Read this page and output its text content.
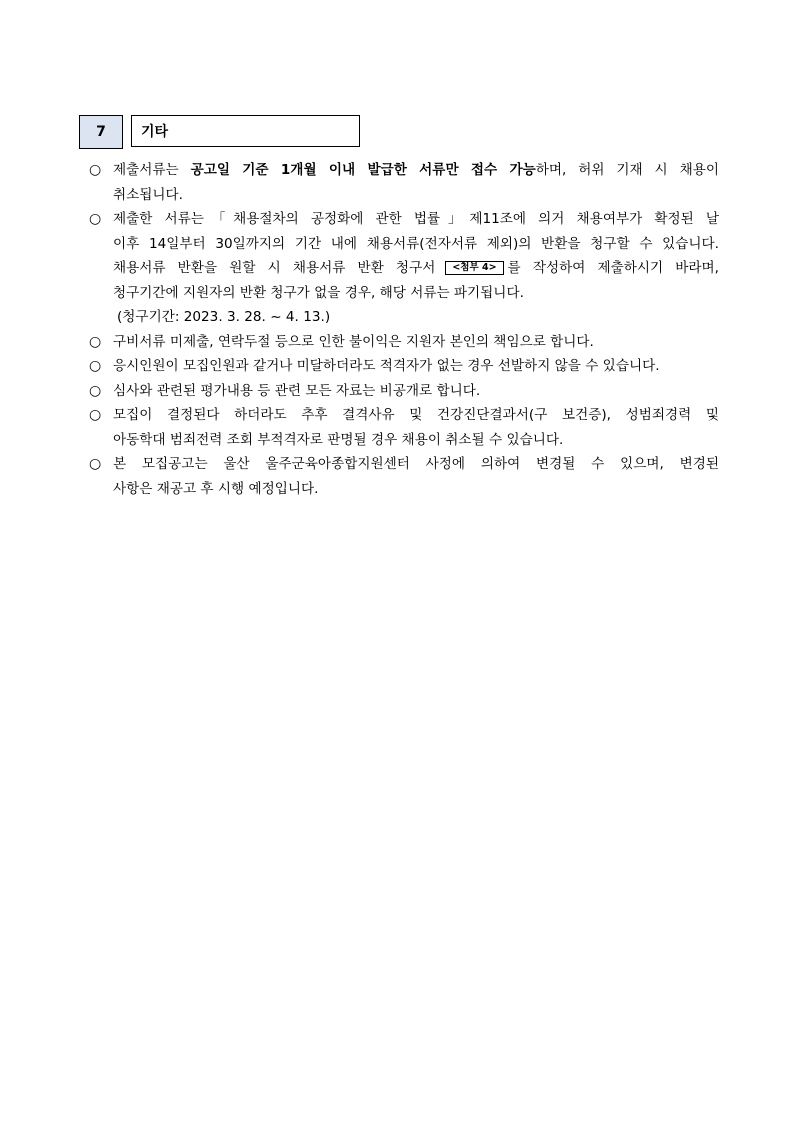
7	기타
○ 제출서류는 공고일 기준 1개월 이내 발급한 서류만 접수 가능하며, 허위 기재 시 채용이
취소됩니다.
○ 제출한 서류는「채용절차의 공정화에 관한 법률」제11조에 의거 채용여부가 확정된 날
이후 14일부터 30일까지의 기간 내에 채용서류(전자서류 제외)의 반환을 청구할 수 있습니다.
채용서류 반환을 원할 시 채용서류 반환 청구서 <첨부 4> 를 작성하여 제출하시기 바라며,
청구기간에 지원자의 반환 청구가 없을 경우, 해당 서류는 파기됩니다.
(청구기간: 2023. 3. 28. ~ 4. 13.)
○ 구비서류 미제출, 연락두절 등으로 인한 불이익은 지원자 본인의 책임으로 합니다.
○ 응시인원이 모집인원과 같거나 미달하더라도 적격자가 없는 경우 선발하지 않을 수 있습니다.
○ 심사와 관련된 평가내용 등 관련 모든 자료는 비공개로 합니다.
○ 모집이 결정된다 하더라도 추후 결격사유 및 건강진단결과서(구 보건증), 성범죄경력 및
아동학대 범죄전력 조회 부적격자로 판명될 경우 채용이 취소될 수 있습니다.
○ 본 모집공고는 울산 울주군육아종합지원센터 사정에 의하여 변경될 수 있으며, 변경된
사항은 재공고 후 시행 예정입니다.
